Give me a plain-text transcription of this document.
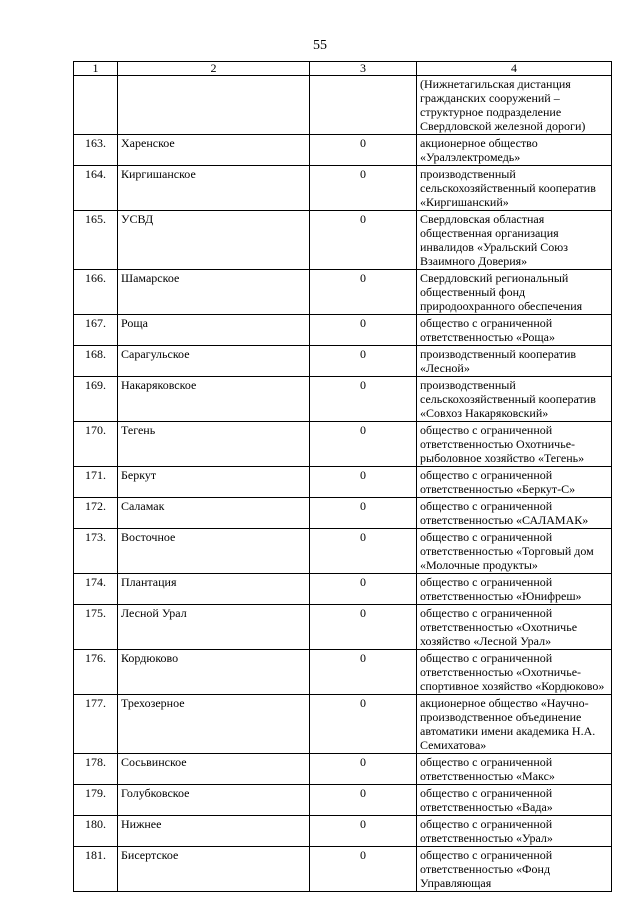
55
1	2	3	4
			(Нижнетагильская дистанция гражданских сооружений – структурное подразделение Свердловской железной дороги)
163.	Харенское	0	акционерное общество «Уралэлектромедь»
164.	Киргишанское	0	производственный сельскохозяйственный кооператив «Киргишанский»
165.	УСВД	0	Свердловская областная общественная организация инвалидов «Уральский Союз Взаимного Доверия»
166.	Шамарское	0	Свердловский региональный общественный фонд природоохранного обеспечения
167.	Роща	0	общество с ограниченной ответственностью «Роща»
168.	Сарагульское	0	производственный кооператив «Лесной»
169.	Накаряковское	0	производственный сельскохозяйственный кооператив «Совхоз Накаряковский»
170.	Тегень	0	общество с ограниченной ответственностью Охотничье-рыболовное хозяйство «Тегень»
171.	Беркут	0	общество с ограниченной ответственностью «Беркут-С»
172.	Саламак	0	общество с ограниченной ответственностью «САЛАМАК»
173.	Восточное	0	общество с ограниченной ответственностью «Торговый дом «Молочные продукты»
174.	Плантация	0	общество с ограниченной ответственностью «Юнифреш»
175.	Лесной Урал	0	общество с ограниченной ответственностью «Охотничье хозяйство «Лесной Урал»
176.	Кордюково	0	общество с ограниченной ответственностью «Охотничье-спортивное хозяйство «Кордюково»
177.	Трехозерное	0	акционерное общество «Научно-производственное объединение автоматики имени академика Н.А. Семихатова»
178.	Сосьвинское	0	общество с ограниченной ответственностью «Макс»
179.	Голубковское	0	общество с ограниченной ответственностью «Вада»
180.	Нижнее	0	общество с ограниченной ответственностью «Урал»
181.	Бисертское	0	общество с ограниченной ответственностью «Фонд Управляющая
